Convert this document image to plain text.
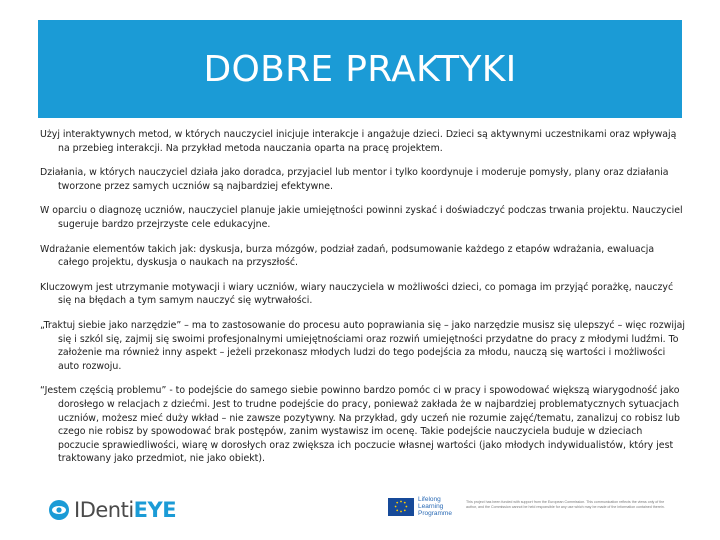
DOBRE PRAKTYKI

Użyj interaktywnych metod, w których nauczyciel inicjuje interakcje i angażuje dzieci. Dzieci są aktywnymi uczestnikami oraz wpływają na przebieg interakcji. Na przykład metoda nauczania oparta na pracę projektem.

Działania, w których nauczyciel działa jako doradca, przyjaciel lub mentor i tylko koordynuje i moderuje pomysły, plany oraz działania tworzone przez samych uczniów są najbardziej efektywne.

W oparciu o diagnozę uczniów, nauczyciel planuje jakie umiejętności powinni zyskać i doświadczyć podczas trwania projektu. Nauczyciel sugeruje bardzo przejrzyste cele edukacyjne.

Wdrażanie elementów takich jak: dyskusja, burza mózgów, podział zadań, podsumowanie każdego z etapów wdrażania, ewaluacja całego projektu, dyskusja o naukach na przyszłość.

Kluczowym jest utrzymanie motywacji i wiary uczniów, wiary nauczyciela w możliwości dzieci, co pomaga im przyjąć porażkę, nauczyć się na błędach a tym samym nauczyć się wytrwałości.

„Traktuj siebie jako narzędzie” – ma to zastosowanie do procesu auto poprawiania się – jako narzędzie musisz się ulepszyć – więc rozwijaj się i szkól się, zajmij się swoimi profesjonalnymi umiejętnościami oraz rozwiń umiejętności przydatne do pracy z młodymi ludźmi. To założenie ma również inny aspekt – jeżeli przekonasz młodych ludzi do tego podejścia za młodu, nauczą się wartości i możliwości auto rozwoju.

“Jestem częścią problemu” - to podejście do samego siebie powinno bardzo pomóc ci w pracy i spowodować większą wiarygodność jako dorosłego w relacjach z dziećmi. Jest to trudne podejście do pracy, ponieważ zakłada że w najbardziej problematycznych sytuacjach uczniów, możesz mieć duży wkład – nie zawsze pozytywny. Na przykład, gdy uczeń nie rozumie zajęć/tematu, zanalizuj co robisz lub czego nie robisz by spowodować brak postępów, zanim wystawisz im ocenę. Takie podejście nauczyciela buduje w dzieciach poczucie sprawiedliwości, wiarę w dorosłych oraz zwiększa ich poczucie własnej wartości (jako młodych indywidualistów, który jest traktowany jako przedmiot, nie jako obiekt).

IDentiEYE	Lifelong
Learning
Programme
This project has been funded with support from the European Commission. This communication reflects the views only of the author, and the Commission cannot be held responsible for any use which may be made of the information contained therein.
